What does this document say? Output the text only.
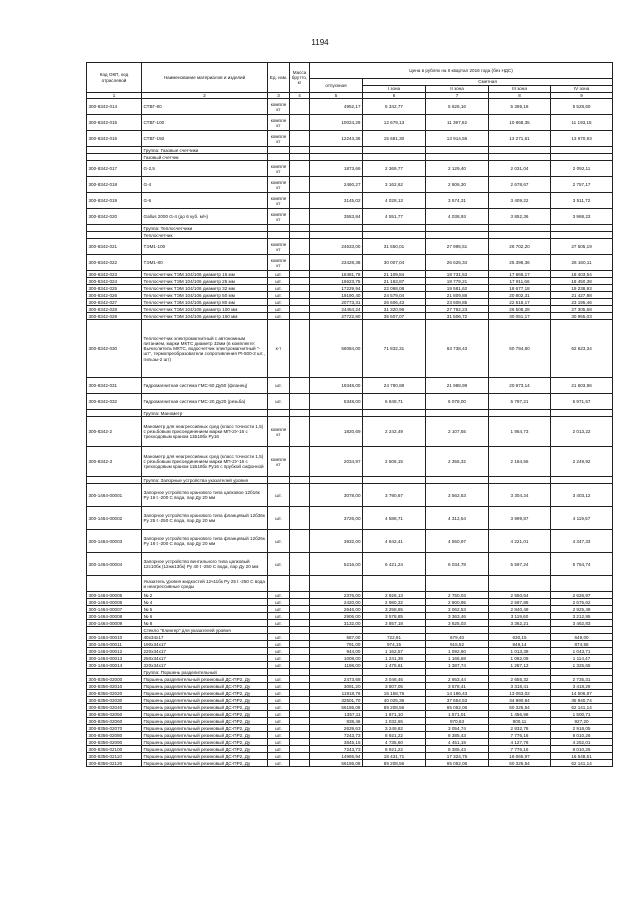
1194
Код ОКП, код отраслевой	Наименование материалов и изделий	Ед. изм.	Масса брутто, кг	Цена в рублях на II квартал 2016 года (без НДС)				
				отпускная	Сметная			
					I зона	II зона	III зона	IV зона
1	2	3	4	5	6	7	8	9
300-8342-014	СТВГ-80	компле кт		4952,17	6 342,77	5 626,16	5 369,18	5 528,60
300-8342-015	СТВГ-100	компле кт		10024,29	12 679,13	11 397,62	10 868,35	11 193,15
300-8342-016	СТВГ-150	компле кт		12243,36	15 681,30	13 914,56	13 271,61	13 670,93
	Группа: Газовые счетчики							
	Газовый счетчик							
300-8342-017	G-2,5	компле кт		1873,66	2 369,77	2 129,40	2 031,04	2 092,11
300-8342-018	G-4	компле кт		2460,27	3 162,62	2 806,30	2 678,67	2 757,17
300-8342-019	G-6	компле кт		3145,02	4 028,13	3 574,31	3 409,22	3 511,72
300-8342-020	Gallus 2000 G-4 (до 6 куб. м/ч)	компле кт		3553,84	4 551,77	4 038,93	3 852,36	3 968,23
	Группа: Теплосчетчики							
	Теплосчетчик							
300-8342-021	ТЭМ1-100	компле кт		24633,00	31 550,01	27 995,51	26 702,20	27 505,19
300-8342-022	ТЭМ1-80	компле кт		23428,38	30 007,04	26 626,34	25 396,36	26 160,11
300-8342-023	Теплосчетчик ТЭМ 104/106 диаметр 15 мм	шт.		16481,78	21 109,84	18 731,53	17 866,17	18 403,54
300-8342-024	Теплосчетчик ТЭМ 104/106 диаметр 25 мм	шт.		16623,75	21 163,87	18 779,21	17 911,66	18 450,38
300-8342-025	Теплосчетчик ТЭМ 104/106 диаметр 32 мм	шт.		17229,94	22 068,08	19 581,62	18 677,18	19 238,93
300-8342-026	Теплосчетчик ТЭМ 104/106 диаметр 50 мм	шт.		19190,40	24 579,04	21 809,88	20 802,31	21 427,98
300-8342-027	Теплосчетчик ТЭМ 104/106 диаметр 80 мм	шт.		20773,31	26 606,43	23 608,85	22 518,17	23 195,46
300-8342-028	Теплосчетчик ТЭМ 104/106 диаметр 100 мм	шт.		24454,24	31 320,96	27 792,23	26 508,28	27 305,58
300-8342-029	Теплосчетчик ТЭМ 104/106 диаметр 150 мм	шт.		27722,80	35 507,07	31 506,72	30 051,17	30 955,03
300-8342-030	Теплосчетчик электромагнитный с автономным питанием, марки МКТС диаметр 32мм (в комплекте: Вычислитель МКТС, водосчетчик электромагнитный "-шт", термопреобразователи сопротивления Pt-500-2 шт., гильзы-2 шт)	к-т		56084,00	71 832,31	63 738,43	60 794,80	62 623,34
300-8342-031	Гидромагнитная система ГМС-50 Ду50 (фланец)	шт.		19348,00	24 780,89	21 988,99	20 973,14	21 603,96
300-8342-032	Гидромагнитная система ГМС-20 Ду20 (резьба)	шт.		5348,00	6 849,71	6 078,00	5 797,21	5 971,57
	Группа: Манометр							
300-8342-2	Манометр для неагрессивных сред (класс точности 1,5) с резьбовым присоединением марки МП-2У-16 с трехходовым краном 11Б18бк Ру16	компле кт		1820,69	2 242,49	2 107,55	1 954,73	2 013,22
300-8342-3	Манометр для неагрессивных сред (класс точности 1,5) с резьбовым присоединением марки МП-2У-16 с трехходовым краном 11Б18бк Ру16 с прубкой сифонной	компле кт		2034,97	2 506,15	2 355,32	2 184,55	2 249,92
	Группа: Запорные устройства указателей уровня							
300-1464-00001	Запорное устройство кранового типа цапковое 12б16к Ру 16 t -200 С вода, пар Ду 20 мм	шт.		3078,00	3 790,67	3 562,53	3 304,24	3 403,12
300-1464-00002	Запорное устройство кранового типа фланцевый 12б36к Ру 25 t -250 С вода, пар Ду 20 мм	шт.		3726,00	4 588,71	4 312,54	3 999,87	4 119,57
300-1464-00003	Запорное устройство кранового типа фланцевый 12б26к Ру 16 t -200 С вода, пар Ду 20 мм	шт.		3932,00	4 842,41	4 550,97	4 221,01	4 347,33
300-1464-00004	Запорное устройство вентильного типа цапковый 12с10бк (12нж13бк) Ру 40 t -250 С вода, пар Ду 20 мм	шт.		5216,00	6 421,24	6 034,78	5 597,24	5 764,74
	Указатель уровня жидкостей 12ч11бк Ру 25 t -250 С вода и неагрессивные среды							
300-1464-00005	№ 2	шт.		2376,00	2 926,13	2 750,03	2 550,64	2 626,97
300-1464-00006	№ 4	шт.		2420,00	2 980,32	2 800,95	2 597,88	2 675,62
300-1464-00007	№ 5	шт.		2646,00	3 258,65	3 062,53	2 840,49	2 925,49
300-1464-00008	№ 6	шт.		2906,00	3 578,85	3 363,46	3 119,60	3 212,95
300-1464-00009	№ 8	шт.		3132,00	3 857,18	3 625,03	3 362,21	3 462,83
	Стекло "Клингер" для указателей уровня							
300-1464-00010	40х34х17	шт.		587,00	722,91	679,40	630,15	649,00
300-1464-00011	190х34х17	шт.		791,00	974,15	915,52	849,14	874,55
300-1464-00012	220х34х17	шт.		944,00	1 162,57	1 092,60	1 013,39	1 043,71
300-1464-00013	250х34х17	шт.		1008,00	1 241,39	1 166,68	1 082,09	1 114,47
300-1464-00014	320х34х17	шт.		1198,00	1 475,61	1 387,74	1 287,13	1 325,65
	Группа: Поршень разделительный							
300-8356-02000	Поршень разделительный резиновый ДС-ПР2, Ду	шт.		2473,68	3 048,46	2 863,44	2 655,32	2 735,31
300-8356-02010	Поршень разделительный резиновый ДС-ПР2, Ду	шт.		3091,20	3 807,05	3 578,41	3 318,41	3 418,29
300-8356-02020	Поршень разделительный резиновый ДС-ПР2, Ду	шт.		11918,76	15 158,76	14 186,43	13 063,02	14 506,87
300-8356-02030	Поршень разделительный резиновый ДС-ПР2, Ду	шт.		32501,70	40 025,36	37 654,53	34 890,84	35 940,74
300-8356-02040	Поршень разделительный резиновый ДС-ПР2, Ду	шт.		56195,08	69 208,56	65 052,06	60 325,54	62 141,14
300-8356-02050	Поршень разделительный резиновый ДС-ПР2, Ду	шт.		1357,11	1 671,10	1 571,01	1 456,98	1 500,71
300-8356-02060	Поршень разделительный резиновый ДС-ПР2, Ду	шт.		838,46	1 032,65	970,63	900,11	927,20
300-8356-02070	Поршень разделительный резиновый ДС-ПР2, Ду	шт.		2639,63	3 249,82	3 054,74	2 832,78	2 918,05
300-8356-02080	Поршень разделительный резиновый ДС-ПР2, Ду	шт.		7243,73	8 921,22	8 385,43	7 776,16	8 010,26
300-8356-02090	Поршень разделительный резиновый ДС-ПР2, Ду	шт.		3845,15	4 735,60	4 451,19	4 127,78	4 252,01
300-8356-02100	Поршень разделительный резиновый ДС-ПР2, Ду	шт.		7243,73	8 921,22	8 385,43	7 776,16	8 010,26
300-8356-02110	Поршень разделительный резиновый ДС-ПР2, Ду	шт.		14965,94	18 431,71	17 324,75	16 065,97	16 548,51
300-8356-02120	Поршень разделительный резиновый ДС-ПР2, Ду	шт.		56195,08	69 208,56	65 052,06	60 325,54	62 141,14
